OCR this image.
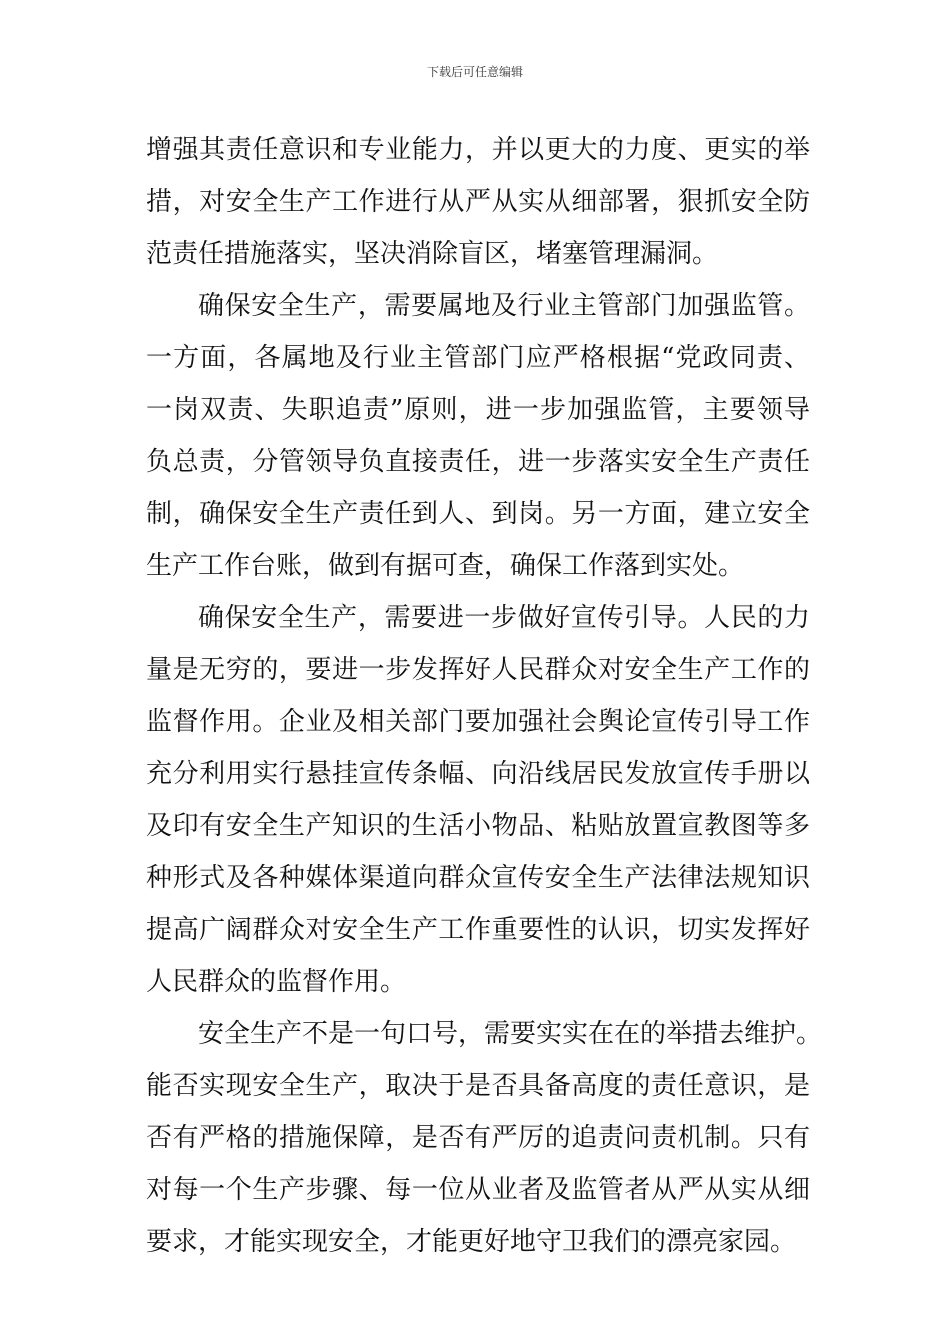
下载后可任意编辑

增强其责任意识和专业能力，并以更大的力度、更实的举
措，对安全生产工作进行从严从实从细部署，狠抓安全防
范责任措施落实，坚决消除盲区，堵塞管理漏洞。

确保安全生产，需要属地及行业主管部门加强监管。
一方面，各属地及行业主管部门应严格根据“党政同责、
一岗双责、失职追责”原则，进一步加强监管，主要领导
负总责，分管领导负直接责任，进一步落实安全生产责任
制，确保安全生产责任到人、到岗。另一方面，建立安全
生产工作台账，做到有据可查，确保工作落到实处。

确保安全生产，需要进一步做好宣传引导。人民的力
量是无穷的，要进一步发挥好人民群众对安全生产工作的
监督作用。企业及相关部门要加强社会舆论宣传引导工作
充分利用实行悬挂宣传条幅、向沿线居民发放宣传手册以
及印有安全生产知识的生活小物品、粘贴放置宣教图等多
种形式及各种媒体渠道向群众宣传安全生产法律法规知识
提高广阔群众对安全生产工作重要性的认识，切实发挥好
人民群众的监督作用。

安全生产不是一句口号，需要实实在在的举措去维护。
能否实现安全生产，取决于是否具备高度的责任意识，是
否有严格的措施保障，是否有严厉的追责问责机制。只有
对每一个生产步骤、每一位从业者及监管者从严从实从细
要求，才能实现安全，才能更好地守卫我们的漂亮家园。
